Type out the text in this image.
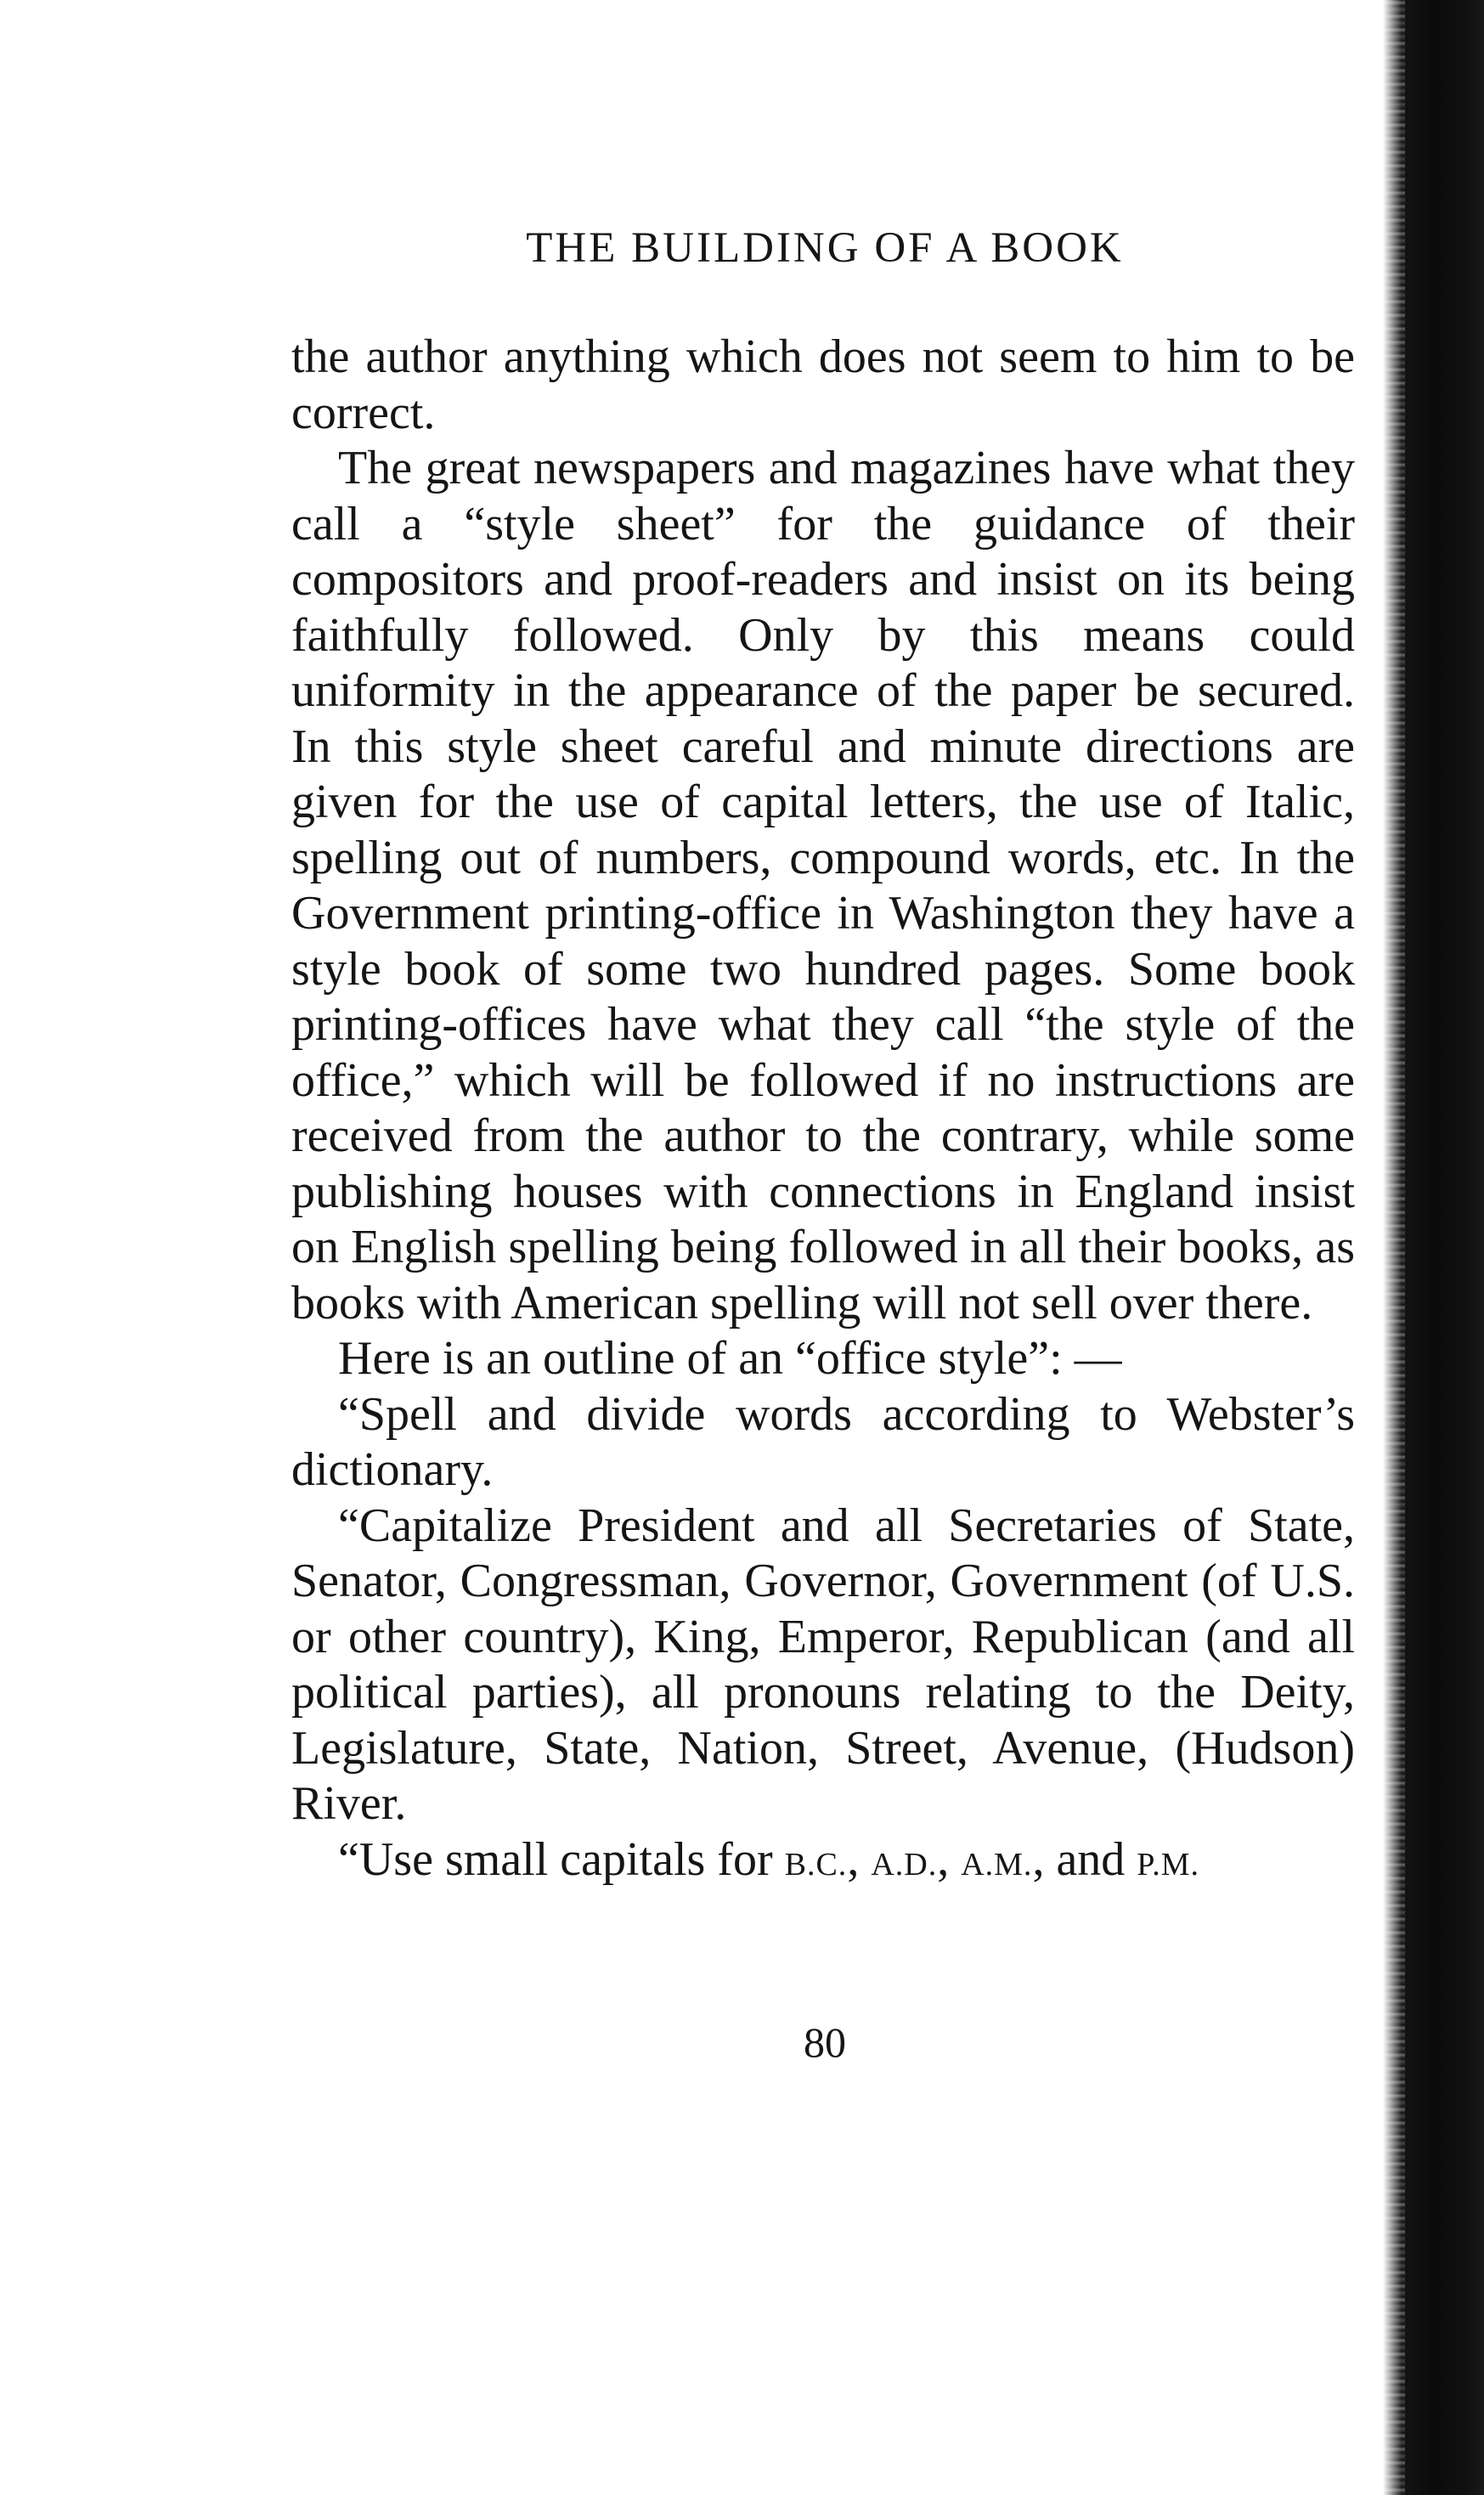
THE BUILDING OF A BOOK

the author anything which does not seem to him to be correct.

The great newspapers and magazines have what they call a “style sheet” for the guidance of their compositors and proof-readers and insist on its being faithfully followed. Only by this means could uniformity in the appearance of the paper be secured. In this style sheet careful and minute directions are given for the use of capital letters, the use of Italic, spelling out of numbers, compound words, etc. In the Government printing-office in Washington they have a style book of some two hundred pages. Some book printing-offices have what they call “the style of the office,” which will be followed if no instructions are received from the author to the contrary, while some publishing houses with connections in England insist on English spelling being followed in all their books, as books with American spelling will not sell over there.

Here is an outline of an “office style”: —

“Spell and divide words according to Webster’s dictionary.

“Capitalize President and all Secretaries of State, Senator, Congressman, Governor, Government (of U.S. or other country), King, Emperor, Republican (and all political parties), all pronouns relating to the Deity, Legislature, State, Nation, Street, Avenue, (Hudson) River.

“Use small capitals for B.C., A.D., A.M., and P.M.

80
